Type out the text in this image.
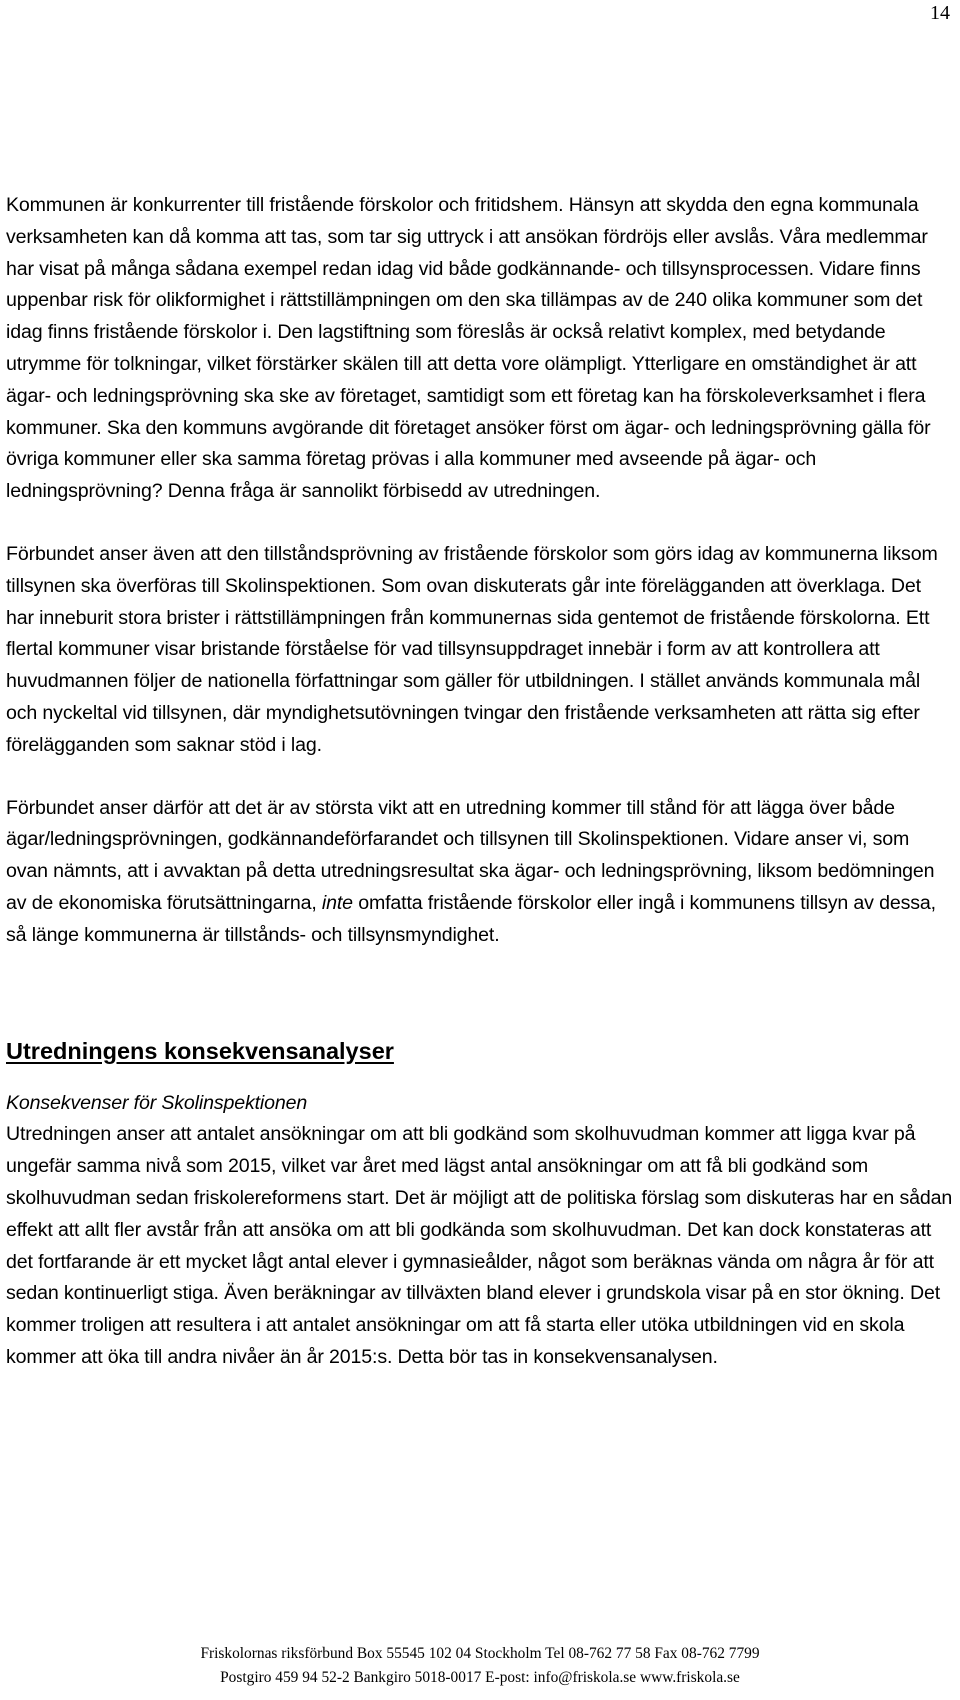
14

Kommunen är konkurrenter till fristående förskolor och fritidshem. Hänsyn att skydda den egna kommunala verksamheten kan då komma att tas, som tar sig uttryck i att ansökan fördröjs eller avslås. Våra medlemmar har visat på många sådana exempel redan idag vid både godkännande- och tillsynsprocessen. Vidare finns uppenbar risk för olikformighet i rättstillämpningen om den ska tillämpas av de 240 olika kommuner som det idag finns fristående förskolor i. Den lagstiftning som föreslås är också relativt komplex, med betydande utrymme för tolkningar, vilket förstärker skälen till att detta vore olämpligt. Ytterligare en omständighet är att ägar- och ledningsprövning ska ske av företaget, samtidigt som ett företag kan ha förskoleverksamhet i flera kommuner. Ska den kommuns avgörande dit företaget ansöker först om ägar- och ledningsprövning gälla för övriga kommuner eller ska samma företag prövas i alla kommuner med avseende på ägar- och ledningsprövning? Denna fråga är sannolikt förbisedd av utredningen.

Förbundet anser även att den tillståndsprövning av fristående förskolor som görs idag av kommunerna liksom tillsynen ska överföras till Skolinspektionen. Som ovan diskuterats går inte förelägganden att överklaga. Det har inneburit stora brister i rättstillämpningen från kommunernas sida gentemot de fristående förskolorna. Ett flertal kommuner visar bristande förståelse för vad tillsynsuppdraget innebär i form av att kontrollera att huvudmannen följer de nationella författningar som gäller för utbildningen. I stället används kommunala mål och nyckeltal vid tillsynen, där myndighetsutövningen tvingar den fristående verksamheten att rätta sig efter förelägganden som saknar stöd i lag.

Förbundet anser därför att det är av största vikt att en utredning kommer till stånd för att lägga över både ägar/ledningsprövningen, godkännandeförfarandet och tillsynen till Skolinspektionen. Vidare anser vi, som ovan nämnts, att i avvaktan på detta utredningsresultat ska ägar- och ledningsprövning, liksom bedömningen av de ekonomiska förutsättningarna, inte omfatta fristående förskolor eller ingå i kommunens tillsyn av dessa, så länge kommunerna är tillstånds- och tillsynsmyndighet.

Utredningens konsekvensanalyser

Konsekvenser för Skolinspektionen

Utredningen anser att antalet ansökningar om att bli godkänd som skolhuvudman kommer att ligga kvar på ungefär samma nivå som 2015, vilket var året med lägst antal ansökningar om att få bli godkänd som skolhuvudman sedan friskolereformens start. Det är möjligt att de politiska förslag som diskuteras har en sådan effekt att allt fler avstår från att ansöka om att bli godkända som skolhuvudman. Det kan dock konstateras att det fortfarande är ett mycket lågt antal elever i gymnasieålder, något som beräknas vända om några år för att sedan kontinuerligt stiga. Även beräkningar av tillväxten bland elever i grundskola visar på en stor ökning. Det kommer troligen att resultera i att antalet ansökningar om att få starta eller utöka utbildningen vid en skola kommer att öka till andra nivåer än år 2015:s. Detta bör tas in konsekvensanalysen.

Friskolornas riksförbund Box 55545 102 04 Stockholm Tel 08-762 77 58 Fax 08-762 7799
Postgiro 459 94 52-2 Bankgiro 5018-0017 E-post: info@friskola.se www.friskola.se
